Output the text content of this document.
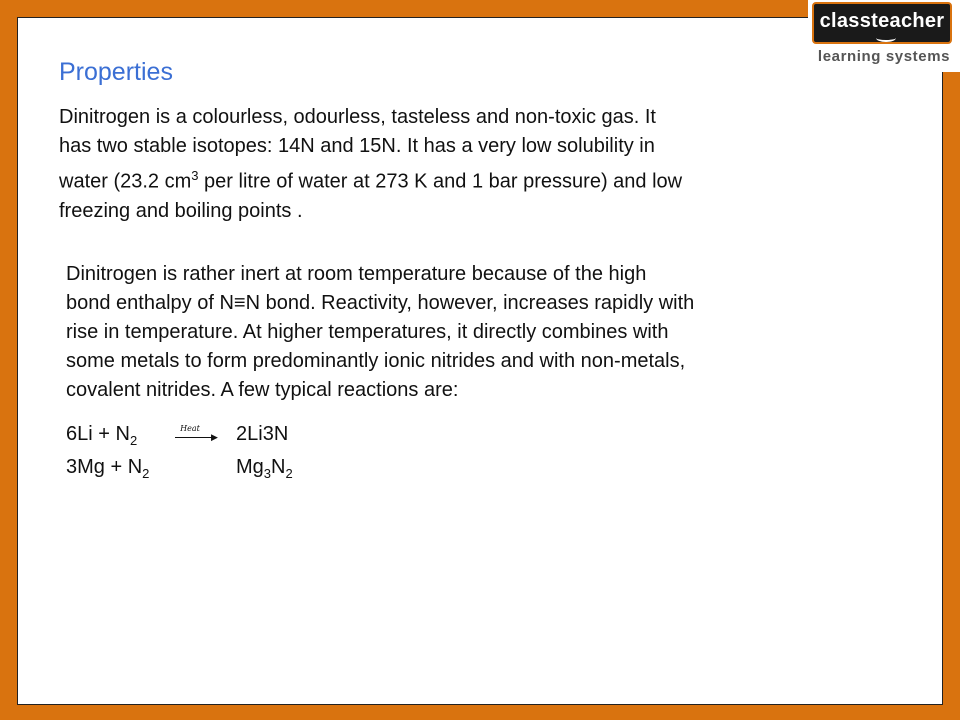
classteacher
learning systems
Properties
Dinitrogen is a colourless, odourless, tasteless and non-toxic gas. It
has two stable isotopes: 14N and 15N. It has a very low solubility in
water (23.2 $cm^3$ per litre of water at 273 K and 1 bar pressure) and low
freezing and boiling points .
Dinitrogen is rather inert at room temperature because of the high
bond enthalpy of N≡N bond. Reactivity, however, increases rapidly with
rise in temperature. At higher temperatures, it directly combines with
some metals to form predominantly ionic nitrides and with non-metals,
covalent nitrides. A few typical reactions are:
$6Li + N_2$
Heat
▶ 2Li3N
$3Mg + N_2$	$Mg_3N_2$
